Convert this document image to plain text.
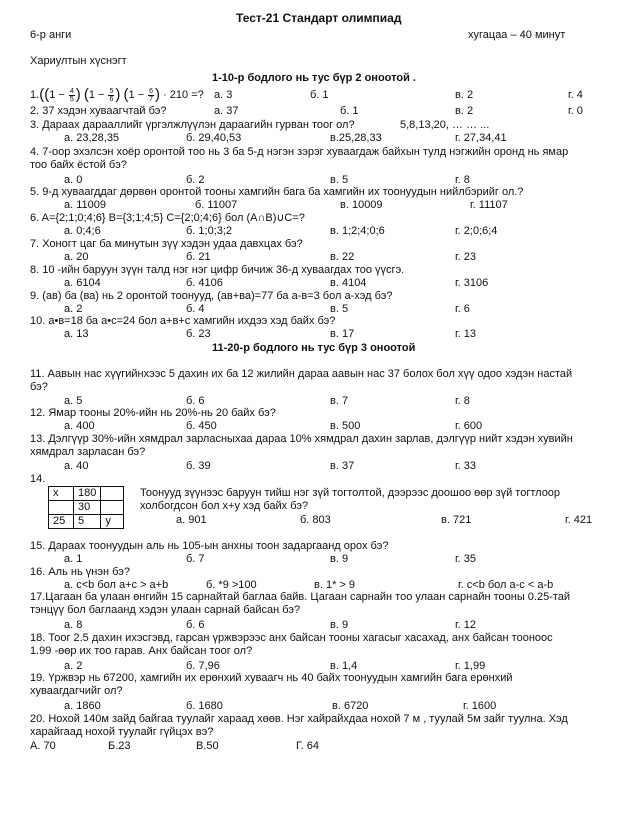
Тест-21 Стандарт олимпиад
6-р анги	хугацаа – 40 минут
Хариултын хүснэгт
1-10-р бодлого нь тус бүр 2 оноотой .
$1.((1 - \frac{4}{5}$ ) ($1 - \frac{5}{6}$ ) ($1 - \frac{6}{7}$ ) · 210 =? а. 3	б. 1	в. 2	г. 4
2. 37 хэдэн хуваагчтай бэ?	а. 37	б. 1	в. 2	г. 0
3. Дараах дарааллийг үргэлжлүүлэн дараагийн гурван тоог ол?	5,8,13,20, … … ...
а. 23,28,35	б. 29,40,53	в.25,28,33	г. 27,34,41
4. 7-оор эхэлсэн хоёр оронтой тоо нь 3 ба 5-д нэгэн зэрэг хуваагдаж байхын тулд нэгжийн оронд нь ямар
тоо байх ёстой бэ?
а. 0	б. 2	в. 5	г. 8
5. 9-д хуваагддаг дөрвөн оронтой тооны хамгийн бага ба хамгийн их тоонуудын нийлбэрийг ол.?
а. 11009	б. 11007	в. 10009	г. 11107
6. A={2;1;0;4;6} B={3;1;4;5} C={2;0;4;6} бол (A∩B)∪C=?
а. 0;4;6	б. 1;0;3;2	в. 1;2;4;0;6	г. 2;0;6;4
7. Хоногт цаг ба минутын зүү хэдэн удаа давхцах бэ?
а. 20	б. 21	в. 22	г. 23
8. 10 -ийн баруун зүүн талд нэг нэг цифр бичиж 36-д хуваагдах тоо үүсгэ.
а. 6104	б. 4106	в. 4104	г. 3106
9. (ав) ба (ва) нь 2 оронтой тоонууд, (ав+ва)=77 ба а-в=3 бол а-хэд бэ?
а. 2	б. 4	в. 5	г. 6
10. а•в=18 ба а•с=24 бол а+в+с хамгийн ихдээ хэд байх бэ?
а. 13	б. 23	в. 17	г. 13
11-20-р бодлого нь тус бүр 3 оноотой
11. Аавын нас хүүгийнхээс 5 дахин их ба 12 жилийн дараа аавын нас 37 болох бол хүү одоо хэдэн настай
бэ?
а. 5	б. 6	в. 7	г. 8
12. Ямар тооны 20%-ийн нь 20%-нь 20 байх бэ?
а. 400	б. 450	в. 500	г. 600
13. Дэлгүүр 30%-ийн хямдрал зарласныхаа дараа 10% хямдрал дахин зарлав, дэлгүүр нийт хэдэн хувийн
хямдрал зарласан бэ?
а. 40	б. 39	в. 37	г. 33
14.
x	180	
	30	
25	5	y
Тоонууд зүүнээс баруун тийш нэг зүй тогтолтой, дээрээс доошоо өөр зүй тогтлоор
холбогдсон бол x+y хэд байх бэ?
а. 901	б. 803	в. 721	г. 421
15. Дараах тоонуудын аль нь 105-ын анхны тоон задаргаанд орох бэ?
а. 1	б. 7	в. 9	г. 35
16. Аль нь үнэн бэ?
а. c<b бол a+c > a+b	б. *9 >100	в. 1* > 9	г. c<b бол a-c < a-b
17.Цагаан ба улаан өнгийн 15 сарнайтай баглаа байв. Цагаан сарнайн тоо улаан сарнайн тооны 0.25-тай
тэнцүү бол баглаанд хэдэн улаан сарнай байсан бэ?
а. 8	б. 6	в. 9	г. 12
18. Тоог 2.5 дахин ихэсгэвд, гарсан үржвэрээс анх байсан тооны хагасыг хасахад, анх байсан тоонооc
1.99 -өөр их тоо гарав. Анх байсан тоог ол?
а. 2	б. 7,96	в. 1,4	г. 1,99
19. Үржвэр нь 67200, хамгийн их ерөнхий хуваагч нь 40 байх тоонуудын хамгийн бага ерөнхий
хуваагдагчийг ол?
а. 1860	б. 1680	в. 6720	г. 1600
20. Нохой 140м зайд байгаа туулайг хараад хөөв. Нэг хайрайхдаа нохой 7 м , туулай 5м зайг туулна. Хэд
харайгаад нохой туулайг гүйцэх вэ?
А. 70	Б.23	В.50	Г. 64
